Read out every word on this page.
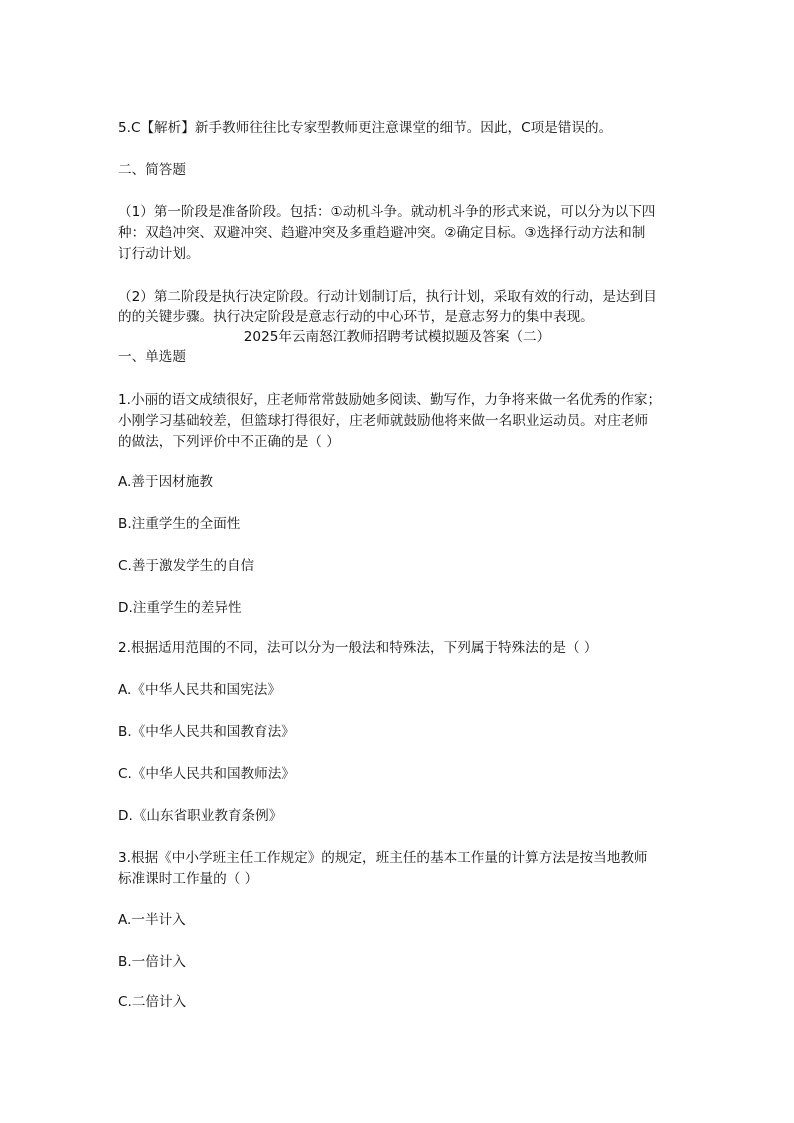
5.C【解析】新手教师往往比专家型教师更注意课堂的细节。因此，C项是错误的。
二、简答题
（1）第一阶段是准备阶段。包括：①动机斗争。就动机斗争的形式来说，可以分为以下四
种：双趋冲突、双避冲突、趋避冲突及多重趋避冲突。②确定目标。③选择行动方法和制
订行动计划。
（2）第二阶段是执行决定阶段。行动计划制订后，执行计划，采取有效的行动，是达到目
的的关键步骤。执行决定阶段是意志行动的中心环节，是意志努力的集中表现。
2025年云南怒江教师招聘考试模拟题及答案（二）
一、单选题
1.小丽的语文成绩很好，庄老师常常鼓励她多阅读、勤写作，力争将来做一名优秀的作家；
小刚学习基础较差，但篮球打得很好，庄老师就鼓励他将来做一名职业运动员。对庄老师
的做法，下列评价中不正确的是（ ）
A.善于因材施教
B.注重学生的全面性
C.善于激发学生的自信
D.注重学生的差异性
2.根据适用范围的不同，法可以分为一般法和特殊法，下列属于特殊法的是（ ）
A.《中华人民共和国宪法》
B.《中华人民共和国教育法》
C.《中华人民共和国教师法》
D.《山东省职业教育条例》
3.根据《中小学班主任工作规定》的规定，班主任的基本工作量的计算方法是按当地教师
标准课时工作量的（ ）
A.一半计入
B.一倍计入
C.二倍计入
